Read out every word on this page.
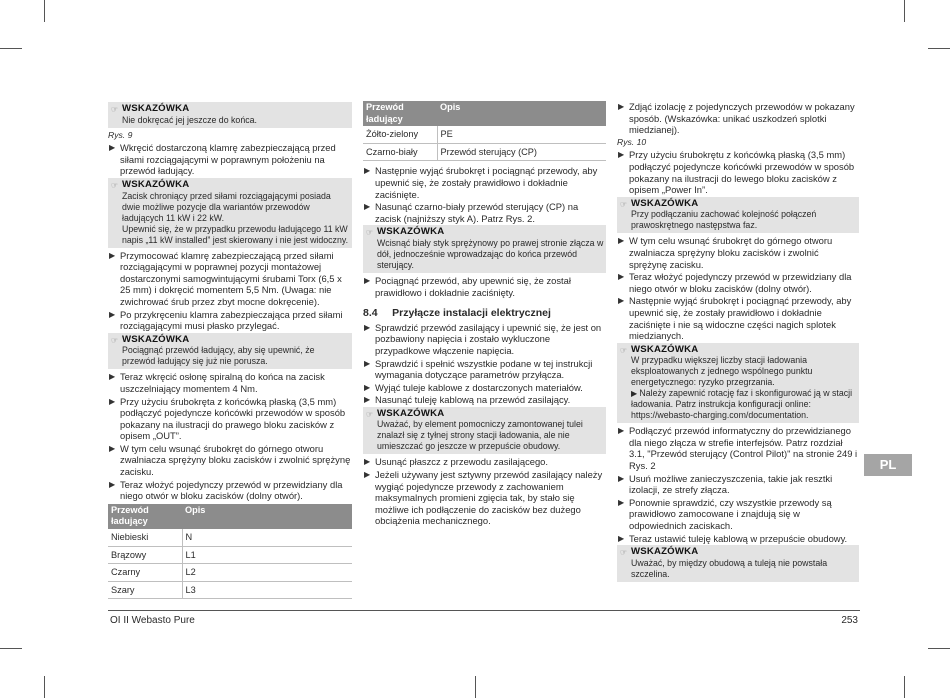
☞ WSKAZÓWKA

Nie dokręcać jej jeszcze do końca.

Rys. 9
▶ Wkręcić dostarczoną klamrę zabezpieczającą przed siłami rozciągającymi w poprawnym położeniu na przewód ładujący.
☞ WSKAZÓWKA

Zacisk chroniący przed siłami rozciągającymi posiada dwie możliwe pozycje dla wariantów przewodów ładujących 11 kW i 22 kW.

Upewnić się, że w przypadku przewodu ładującego 11 kW napis „11 kW installed” jest skierowany i nie jest widoczny.

▶ Przymocować klamrę zabezpieczającą przed siłami rozciągającymi w poprawnej pozycji montażowej dostarczonymi samogwintującymi śrubami Torx (6,5 x 25 mm) i dokręcić momentem 5,5 Nm. (Uwaga: nie zwichrować śrub przez zbyt mocne dokręcenie).
▶ Po przykręceniu klamra zabezpieczająca przed siłami rozciągającymi musi płasko przylegać.
☞ WSKAZÓWKA

Pociągnąć przewód ładujący, aby się upewnić, że przewód ładujący się już nie porusza.

▶ Teraz wkręcić osłonę spiralną do końca na zacisk uszczelniający momentem 4 Nm.
▶ Przy użyciu śrubokręta z końcówką płaską (3,5 mm) podłączyć pojedyncze końcówki przewodów w sposób pokazany na ilustracji do prawego bloku zacisków z opisem „OUT”.
▶ W tym celu wsunąć śrubokręt do górnego otworu zwalniacza sprężyny bloku zacisków i zwolnić sprężynę zacisku.
▶ Teraz włożyć pojedynczy przewód w przewidziany dla niego otwór w bloku zacisków (dolny otwór).
Przewód ładujący	Opis
Niebieski	N
Brązowy	L1
Czarny	L2
Szary	L3
Przewód ładujący	Opis
Żółto-zielony	PE
Czarno-biały	Przewód sterujący (CP)
▶ Następnie wyjąć śrubokręt i pociągnąć przewody, aby upewnić się, że zostały prawidłowo i dokładnie zaciśnięte.
▶ Nasunąć czarno-biały przewód sterujący (CP) na zacisk (najniższy styk A). Patrz Rys. 2.
☞ WSKAZÓWKA

Wcisnąć biały styk sprężynowy po prawej stronie złącza w dół, jednocześnie wprowadzając do końca przewód sterujący.

▶ Pociągnąć przewód, aby upewnić się, że został prawidłowo i dokładnie zaciśnięty.
8.4     Przyłącze instalacji elektrycznej
▶ Sprawdzić przewód zasilający i upewnić się, że jest on pozbawiony napięcia i zostało wykluczone przypadkowe włączenie napięcia.
▶ Sprawdzić i spełnić wszystkie podane w tej instrukcji wymagania dotyczące parametrów przyłącza.
▶ Wyjąć tuleje kablowe z dostarczonych materiałów.
▶ Nasunąć tuleję kablową na przewód zasilający.
☞ WSKAZÓWKA

Uważać, by element pomocniczy zamontowanej tulei znalazł się z tyłnej strony stacji ładowania, ale nie umieszczać go jeszcze w przepuście obudowy.

▶ Usunąć płaszcz z przewodu zasilającego.
▶ Jeżeli używany jest sztywny przewód zasilający należy wygiąć pojedyncze przewody z zachowaniem maksymalnych promieni zgięcia tak, by stało się możliwe ich podłączenie do zacisków bez dużego obciążenia mechanicznego.
▶ Zdjąć izolację z pojedynczych przewodów w pokazany sposób. (Wskazówka: unikać uszkodzeń splotki miedzianej).
Rys. 10
▶ Przy użyciu śrubokrętu z końcówką płaską (3,5 mm) podłączyć pojedyncze końcówki przewodów w sposób pokazany na ilustracji do lewego bloku zacisków z opisem „Power In”.
☞ WSKAZÓWKA

Przy podłączaniu zachować kolejność połączeń prawoskrętnego następstwa faz.

▶ W tym celu wsunąć śrubokręt do górnego otworu zwalniacza sprężyny bloku zacisków i zwolnić sprężynę zacisku.
▶ Teraz włożyć pojedynczy przewód w przewidziany dla niego otwór w bloku zacisków (dolny otwór).
▶ Następnie wyjąć śrubokręt i pociągnąć przewody, aby upewnić się, że zostały prawidłowo i dokładnie zaciśnięte i nie są widoczne części nagich splotek miedzianych.
☞ WSKAZÓWKA

W przypadku większej liczby stacji ładowania eksploatowanych z jednego wspólnego punktu energetycznego: ryzyko przegrzania.

▶ Należy zapewnić rotację faz i skonfigurować ją w stacji ładowania. Patrz instrukcja konfiguracji online: https://webasto-charging.com/documentation.

▶ Podłączyć przewód informatyczny do przewidzianego dla niego złącza w strefie interfejsów. Patrz rozdział 3.1, "Przewód sterujący (Control Pilot)" na stronie 249 i Rys. 2
▶ Usuń możliwe zanieczyszczenia, takie jak resztki izolacji, ze strefy złącza.
▶ Ponownie sprawdzić, czy wszystkie przewody są prawidłowo zamocowane i znajdują się w odpowiednich zaciskach.
▶ Teraz ustawić tuleję kablową w przepuście obudowy.
☞ WSKAZÓWKA

Uważać, by między obudową a tuleją nie powstała szczelina.

PL
OI II Webasto Pure	253
